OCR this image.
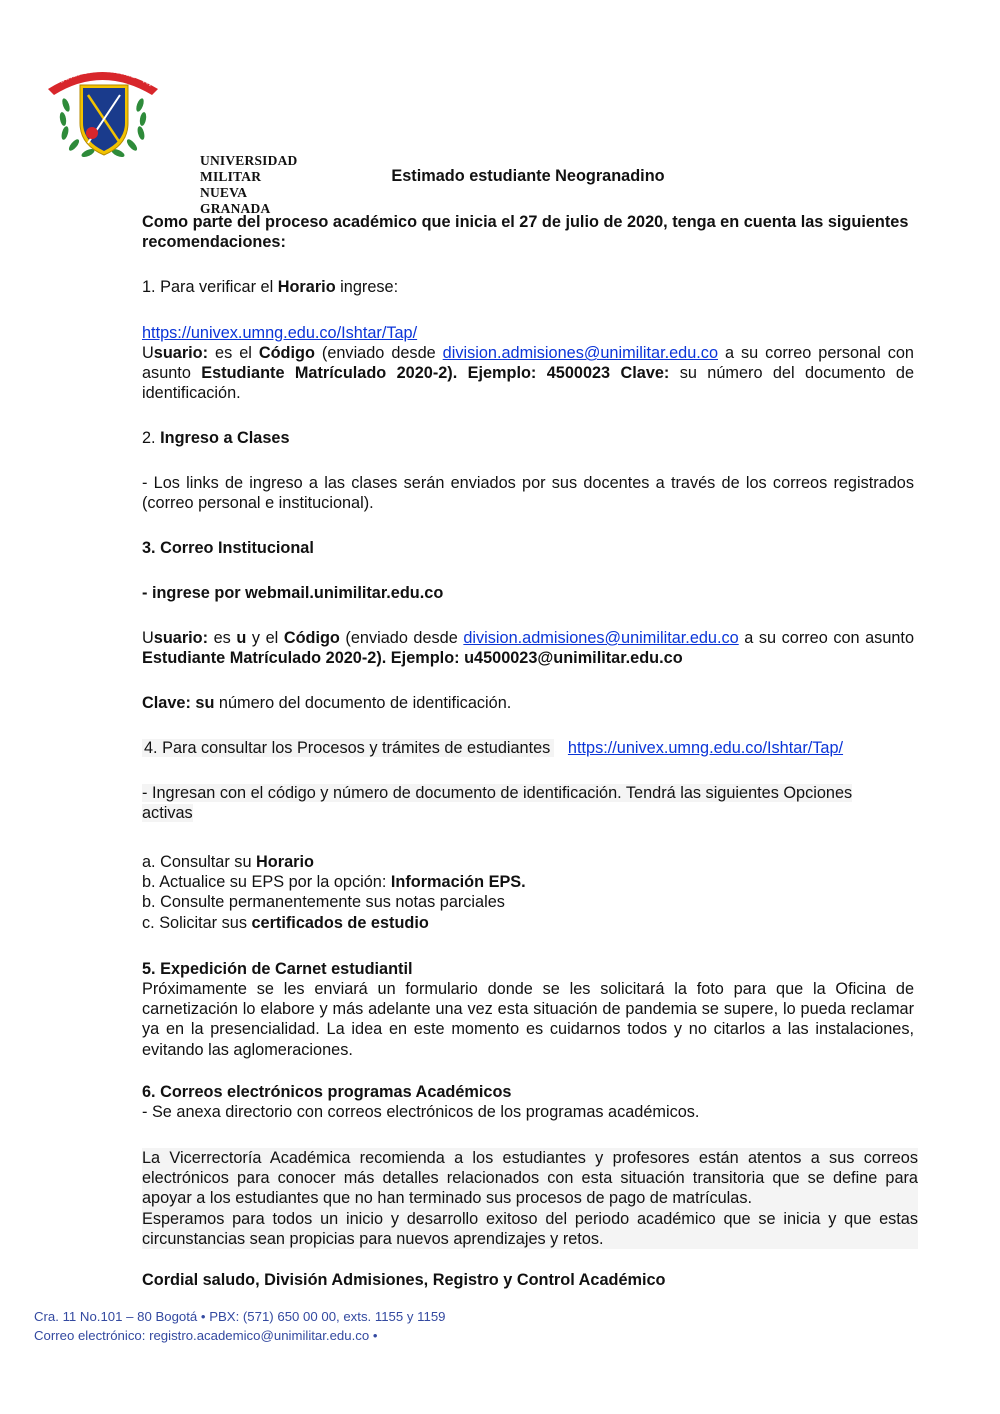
SCIENTIÆ · PATRIÆ · FA
UNIVERSIDAD MILITAR
NUEVA GRANADA
Estimado estudiante Neogranadino

Como parte del proceso académico que inicia el 27 de julio de 2020, tenga en cuenta las siguientes recomendaciones:

1. Para verificar el Horario ingrese:

https://univex.umng.edu.co/Ishtar/Tap/

Usuario: es el Código (enviado desde division.admisiones@unimilitar.edu.co a su correo personal con asunto Estudiante Matrículado 2020-2). Ejemplo: 4500023 Clave: su número del documento de identificación.

2. Ingreso a Clases

- Los links de ingreso a las clases serán enviados por sus docentes a través de los correos registrados (correo personal e institucional).

3. Correo Institucional

- ingrese por webmail.unimilitar.edu.co

Usuario: es u y el Código (enviado desde division.admisiones@unimilitar.edu.co a su correo con asunto Estudiante Matrículado 2020-2). Ejemplo: u4500023@unimilitar.edu.co

Clave: su número del documento de identificación.

4. Para consultar los Procesos y trámites de estudiantes https://univex.umng.edu.co/Ishtar/Tap/

- Ingresan con el código y número de documento de identificación. Tendrá las siguientes Opciones activas

a. Consultar su Horario
b. Actualice su EPS por la opción: Información EPS.
b. Consulte permanentemente sus notas parciales
c. Solicitar sus certificados de estudio

5. Expedición de Carnet estudiantil

Próximamente se les enviará un formulario donde se les solicitará la foto para que la Oficina de carnetización lo elabore y más adelante una vez esta situación de pandemia se supere, lo pueda reclamar ya en la presencialidad. La idea en este momento es cuidarnos todos y no citarlos a las instalaciones, evitando las aglomeraciones.

6. Correos electrónicos programas Académicos

- Se anexa directorio con correos electrónicos de los programas académicos.

La Vicerrectoría Académica recomienda a los estudiantes y profesores están atentos a sus correos electrónicos para conocer más detalles relacionados con esta situación transitoria que se define para apoyar a los estudiantes que no han terminado sus procesos de pago de matrículas.
Esperamos para todos un inicio y desarrollo exitoso del periodo académico que se inicia y que estas circunstancias sean propicias para nuevos aprendizajes y retos.

Cordial saludo, División Admisiones, Registro y Control Académico

Cra. 11 No.101 – 80 Bogotá • PBX: (571) 650 00 00, exts. 1155 y 1159
Correo electrónico: registro.academico@unimilitar.edu.co •
